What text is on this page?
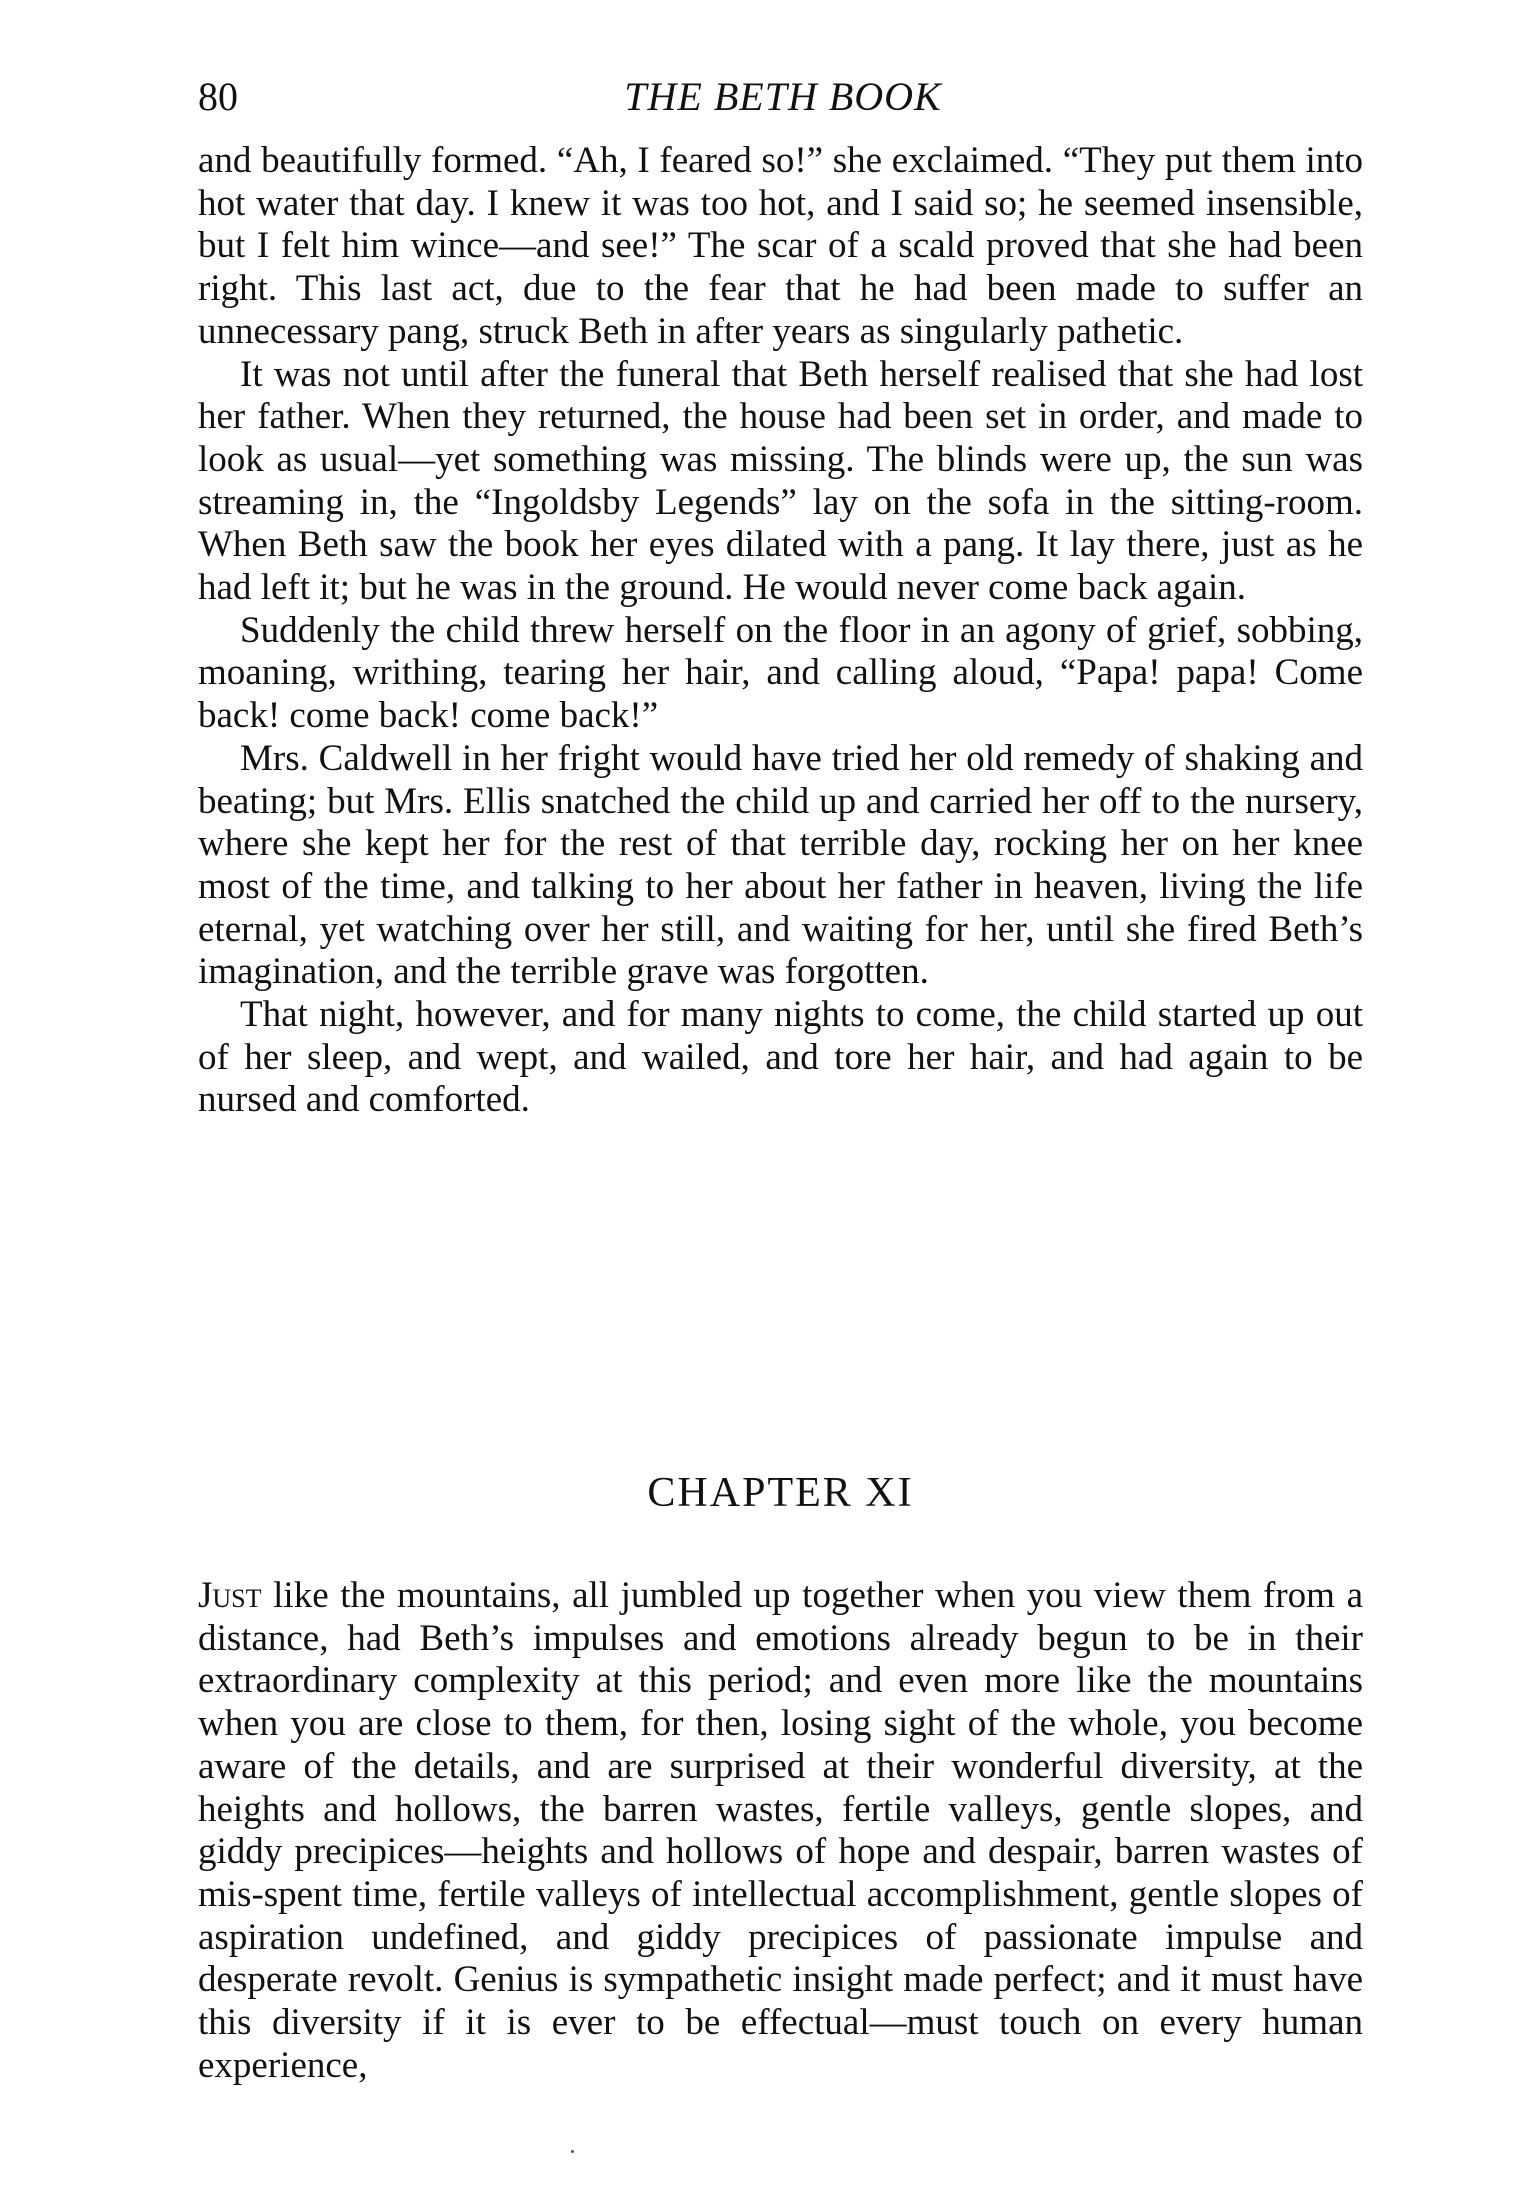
80	THE BETH BOOK

and beautifully formed. “Ah, I feared so!” she exclaimed. “They put them into hot water that day. I knew it was too hot, and I said so; he seemed insensible, but I felt him wince—and see!” The scar of a scald proved that she had been right. This last act, due to the fear that he had been made to suffer an unnecessary pang, struck Beth in after years as singularly pathetic.

It was not until after the funeral that Beth herself realised that she had lost her father. When they returned, the house had been set in order, and made to look as usual—yet something was missing. The blinds were up, the sun was streaming in, the “Ingoldsby Legends” lay on the sofa in the sitting-room. When Beth saw the book her eyes dilated with a pang. It lay there, just as he had left it; but he was in the ground. He would never come back again.

Suddenly the child threw herself on the floor in an agony of grief, sobbing, moaning, writhing, tearing her hair, and calling aloud, “Papa! papa! Come back! come back! come back!”

Mrs. Caldwell in her fright would have tried her old remedy of shaking and beating; but Mrs. Ellis snatched the child up and carried her off to the nursery, where she kept her for the rest of that terrible day, rocking her on her knee most of the time, and talking to her about her father in heaven, living the life eternal, yet watching over her still, and waiting for her, until she fired Beth’s imagination, and the terrible grave was forgotten.

That night, however, and for many nights to come, the child started up out of her sleep, and wept, and wailed, and tore her hair, and had again to be nursed and comforted.

CHAPTER XI

Just like the mountains, all jumbled up together when you view them from a distance, had Beth’s impulses and emotions already begun to be in their extraordinary complexity at this period; and even more like the mountains when you are close to them, for then, losing sight of the whole, you become aware of the details, and are surprised at their wonderful diversity, at the heights and hollows, the barren wastes, fertile valleys, gentle slopes, and giddy precipices—heights and hollows of hope and despair, barren wastes of mis-spent time, fertile valleys of intellectual accomplishment, gentle slopes of aspiration undefined, and giddy precipices of passionate impulse and desperate revolt. Genius is sympathetic insight made perfect; and it must have this diversity if it is ever to be effectual—must touch on every human experience,
